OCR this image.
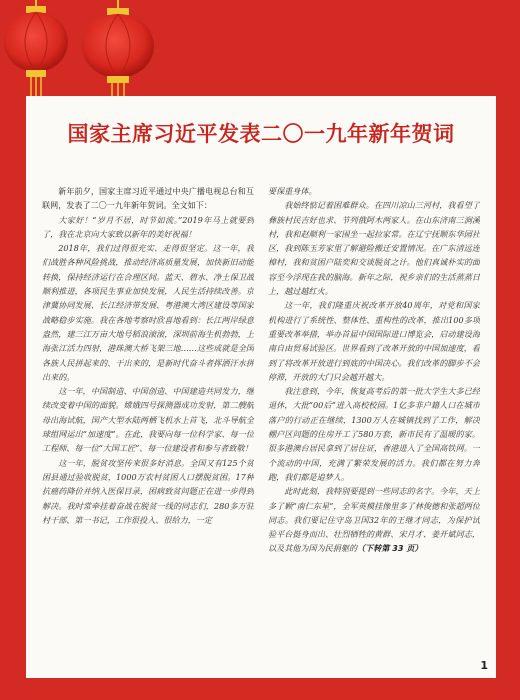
国家主席习近平发表二〇一九年新年贺词

新年前夕，国家主席习近平通过中央广播电视总台和互联网，发表了二〇一九年新年贺词。全文如下：

大家好！“岁月不居，时节如流。”2019年马上就要到了，我在北京向大家致以新年的美好祝福！

2018年，我们过得很充实、走得很坚定。这一年，我们战胜各种风险挑战，推动经济高质量发展，加快新旧动能转换，保持经济运行在合理区间。蓝天、碧水、净土保卫战顺利推进，各项民生事业加快发展，人民生活持续改善。京津冀协同发展、长江经济带发展、粤港澳大湾区建设等国家战略稳步实施。我在各地考察时欣喜地看到：长江两岸绿意盎然，建三江万亩大地号稻浪滚滚，深圳前海生机勃勃，上海张江活力四射，港珠澳大桥飞架三地……这些成就是全国各族人民拼起来的、干出来的，是新时代奋斗者挥洒汗水拼出来的。

这一年，中国制造、中国创造、中国建造共同发力，继续改变着中国的面貌。嫦娥四号探测器成功发射，第二艘航母出海试航，国产大型水陆两栖飞机水上首飞，北斗导航全球组网运出“加速度”。在此，我要向每一位科学家、每一位工程师、每一位“大国工匠”、每一位建设者和参与者致敬！

这一年，脱贫攻坚传来很多好消息。全国又有125个贫困县通过验收脱贫，1000万农村贫困人口摆脱贫困。17种抗癌药降价并纳入医保目录，困病致贫问题正在进一步得到解决。我时常牵挂着奋战在脱贫一线的同志们，280多万驻村干部、第一书记，工作很投入、很给力，一定

要保重身体。

我始终惦记着困难群众。在四川凉山三河村，我看望了彝族村民吉好也求、节列俄阿木两家人。在山东济南三涧溪村，我和赵顺利一家围坐一起拉家常。在辽宁抚顺东华园社区，我到陈玉芳家里了解避险搬迁安置情况。在广东清远连樟村，我和贫困户陆奕和交谈脱贫之计。他们真诚朴实的面容至今浮现在我的脑海。新年之际，祝乡亲们的生活蒸蒸日上，越过越红火。

这一年，我们隆重庆祝改革开放40周年，对党和国家机构进行了系统性、整体性、重构性的改革，推出100多项重要改革举措，举办首届中国国际进口博览会，启动建设海南自由贸易试验区。世界看到了改革开放的中国加速度，看到了将改革开放进行到底的中国决心。我们改革的脚步不会停滞，开放的大门只会越开越大。

我注意到，今年，恢复高考后的第一批大学生大多已经退休，大批“00后”进入高校校园。1亿多非户籍人口在城市落户的行动正在继续，1300万人在城镇找到了工作，解决棚户区问题的住房开工了580万套，新市民有了温暖的家。很多港澳台居民拿到了居住证，香港进入了全国高铁网。一个流动的中国，充满了繁荣发展的活力。我们都在努力奔跑，我们都是追梦人。

此时此刻，我特别要提到一些同志的名字。今年，天上多了颗“南仁东星”，全军英模挂像里多了林俊德和张超两位同志。我们要记住守岛卫国32年的王继才同志，为保护试验平台挺身而出、壮烈牺牲的黄群、宋月才、姜开斌同志，以及其他为国为民捐躯的（下转第 33 页）

1
